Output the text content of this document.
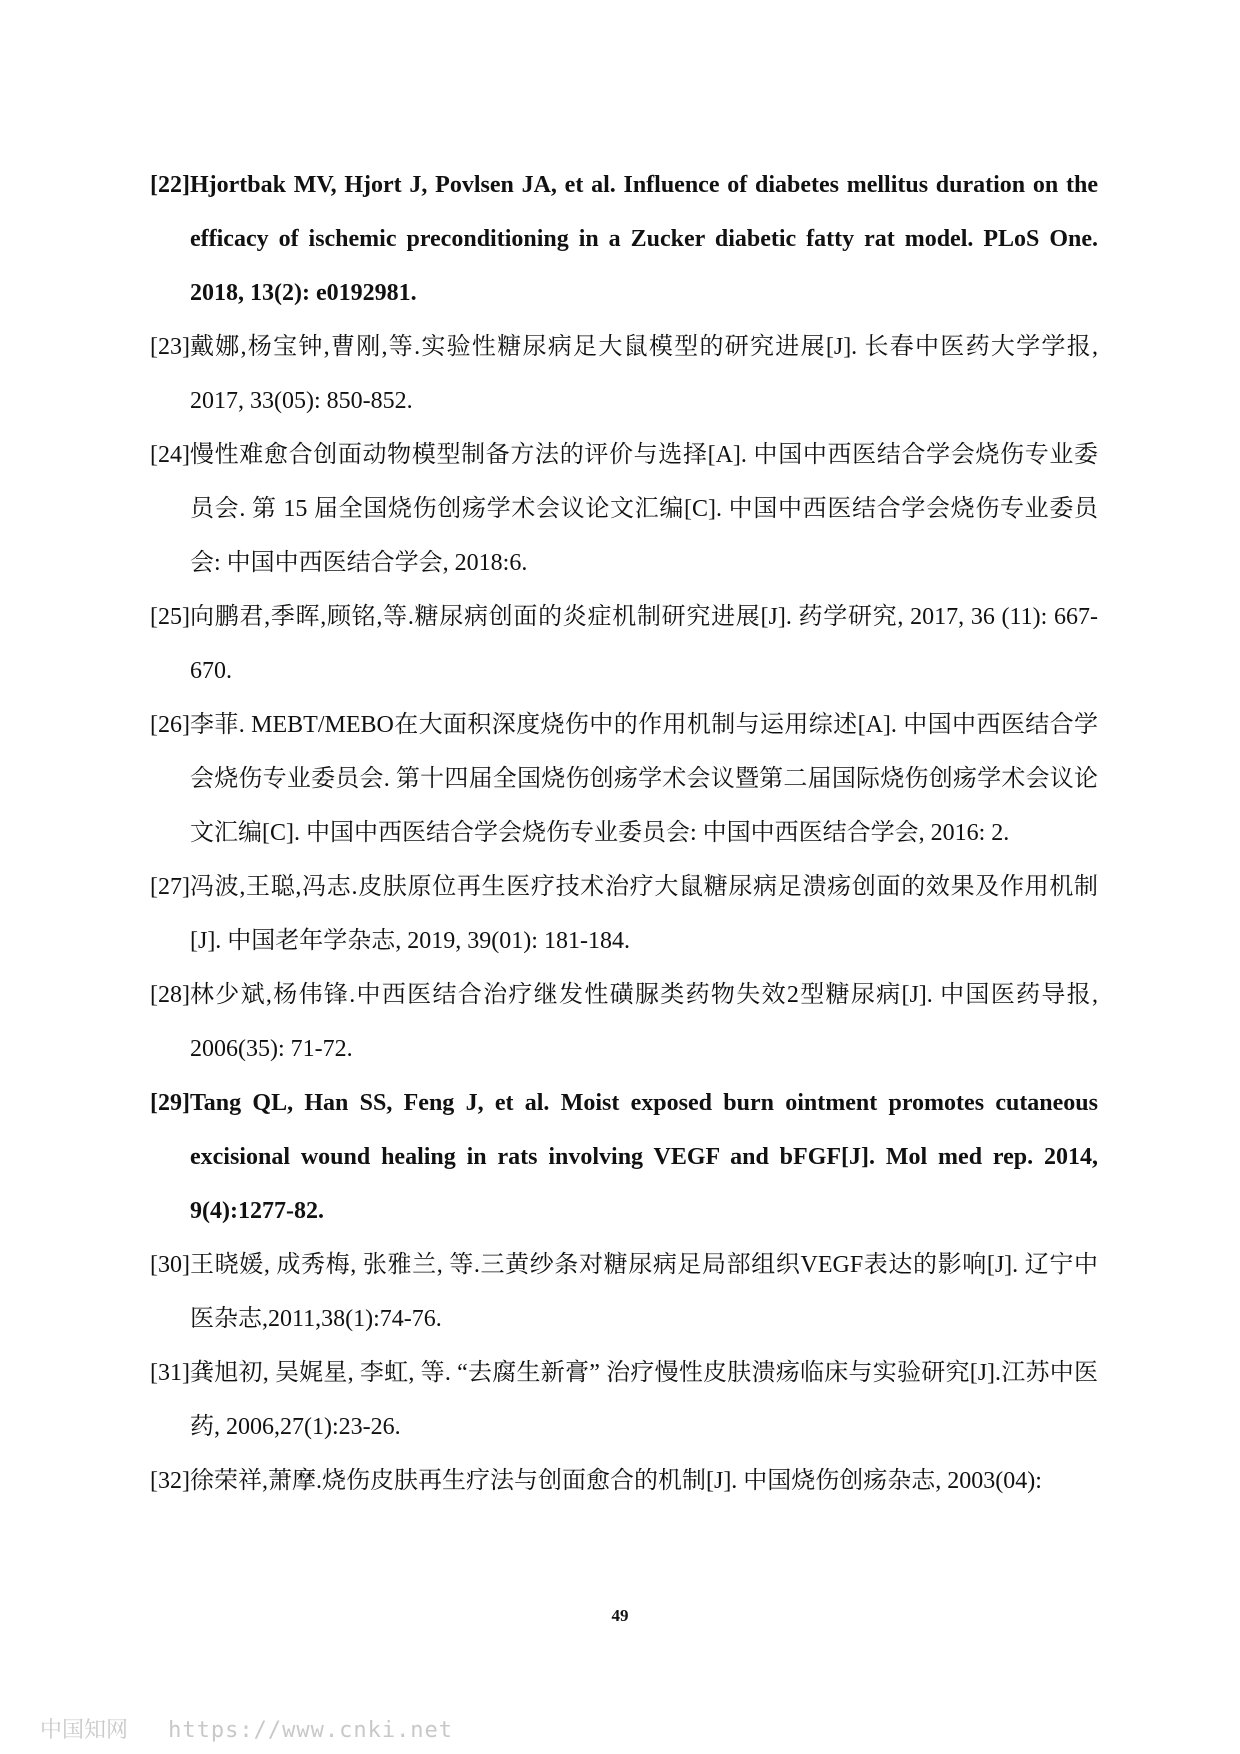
[22] Hjortbak MV, Hjort J, Povlsen JA, et al. Influence of diabetes mellitus duration on the efficacy of ischemic preconditioning in a Zucker diabetic fatty rat model. PLoS One. 2018, 13(2): e0192981.
[23] 戴娜,杨宝钟,曹刚,等.实验性糖尿病足大鼠模型的研究进展[J]. 长春中医药大学学报, 2017, 33(05): 850-852.
[24] 慢性难愈合创面动物模型制备方法的评价与选择[A]. 中国中西医结合学会烧伤专业委员会. 第 15 届全国烧伤创疡学术会议论文汇编[C]. 中国中西医结合学会烧伤专业委员会: 中国中西医结合学会, 2018:6.
[25] 向鹏君,季晖,顾铭,等.糖尿病创面的炎症机制研究进展[J]. 药学研究, 2017, 36 (11): 667-670.
[26] 李菲. MEBT/MEBO在大面积深度烧伤中的作用机制与运用综述[A]. 中国中西医结合学会烧伤专业委员会. 第十四届全国烧伤创疡学术会议暨第二届国际烧伤创疡学术会议论文汇编[C]. 中国中西医结合学会烧伤专业委员会: 中国中西医结合学会, 2016: 2.
[27] 冯波,王聪,冯志.皮肤原位再生医疗技术治疗大鼠糖尿病足溃疡创面的效果及作用机制[J]. 中国老年学杂志, 2019, 39(01): 181-184.
[28] 林少斌,杨伟锋.中西医结合治疗继发性磺脲类药物失效2型糖尿病[J]. 中国医药导报, 2006(35): 71-72.
[29] Tang QL, Han SS, Feng J, et al. Moist exposed burn ointment promotes cutaneous excisional wound healing in rats involving VEGF and bFGF[J]. Mol med rep. 2014, 9(4):1277-82.
[30] 王晓媛, 成秀梅, 张雅兰, 等.三黄纱条对糖尿病足局部组织VEGF表达的影响[J]. 辽宁中医杂志,2011,38(1):74-76.
[31] 龚旭初, 吴娓星, 李虹, 等. “去腐生新膏” 治疗慢性皮肤溃疡临床与实验研究[J].江苏中医药, 2006,27(1):23-26.
[32] 徐荣祥,萧摩.烧伤皮肤再生疗法与创面愈合的机制[J]. 中国烧伤创疡杂志, 2003(04):
49
中国知网 https://www.cnki.net
